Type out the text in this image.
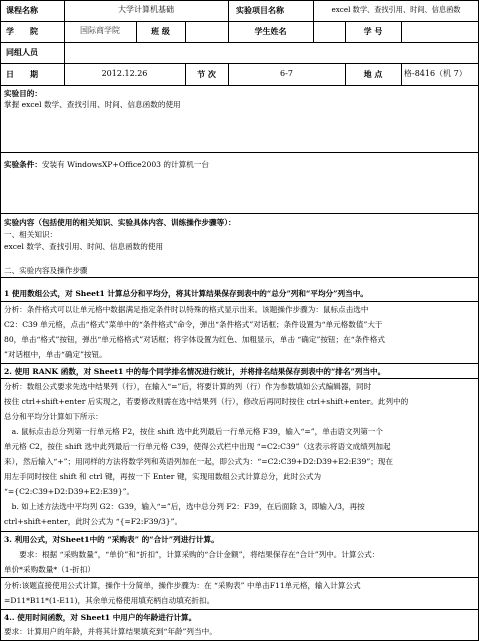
课程名称	大学计算机基础	实验项目名称	excel 数学、查找引用、时间、信息函数
学　　院	国际商学院	班 级	学生姓名	学 号
同组人员
日　　期	2012.12.26	节 次	6-7	地 点	格-8416（机 7）
实验目的：
掌握 excel 数学、查找引用、时间、信息函数的使用
实验条件：安装有 WindowsXP+Office2003 的计算机一台
实验内容（包括使用的相关知识、实验具体内容、训练操作步骤等）：
一、相关知识：
excel 数学、查找引用、时间、信息函数的使用
二、实验内容及操作步骤
1 使用数组公式，对 Sheet1 计算总分和平均分，将其计算结果保存到表中的“总分”列和“平均分”列当中。
分析：条件格式可以让单元格中数据满足指定条件时以特殊的格式显示出来。该题操作步骤为：鼠标点击选中
C2：C39 单元格，点击“格式”菜单中的“条件格式”命令，弹出“条件格式”对话框；条件设置为“单元格数值”大于
80，单击“格式”按钮，弹出“单元格格式”对话框；将字体设置为红色、加粗显示，单击 “确定”按钮；在“条件格式
”对话框中，单击“确定”按钮。
2. 使用 RANK 函数，对 Sheet1 中的每个同学排名情况进行统计，并将排名结果保存到表中的“排名”列当中。
分析：数组公式要求先选中结果列（行），在输入“=”后，将要计算的列（行）作为参数填如公式编辑器，同时
按住 ctrl+shift+enter 后实现之，若要修改则需在选中结果列（行），修改后再同时按住 ctrl+shift+enter。此列中的
总分和平均分计算如下所示：
　a. 鼠标点击总分列第一行单元格 F2，按住 shift 选中此列最后一行单元格 F39，输入“=”，单击语文列第一个
单元格 C2，按住 shift 选中此列最后一行单元格 C39，使得公式栏中出现 “=C2:C39”（这表示将语文成绩列加起
来），然后输入“+”；用同样的方法将数学列和英语列加在一起，即公式为：“=C2:C39+D2:D39+E2:E39”；现在
用左手同时按住 shift 和 ctrl 键，再按一下 Enter 键，实现用数组公式计算总分，此时公式为
“={C2:C39+D2:D39+E2:E39}”。
　b. 如上述方法选中平均列 G2：G39，输入“=”后，选中总分列 F2：F39，在后面除 3，即输入/3，再按
ctrl+shift+enter，此时公式为 “{=F2:F39/3}”。
3. 利用公式，对Sheet1中的 “采购表” 的“合计”列进行计算。
　　要求：根据 “采购数量”，“单价”和“折扣”，计算采购的“合计金额”，将结果保存在“合计”列中。计算公式：
单价*采购数量*（1-折扣）
分析:该题直接使用公式计算，操作十分简单，操作步骤为：在 “采购表” 中单击F11单元格，输入计算公式
=D11*B11*(1-E11)，其余单元格使用填充柄自动填充折扣。
4.. 使用时间函数，对 Sheet1 中用户的年龄进行计算。
要求：计算用户的年龄，并将其计算结果填充到“年龄”列当中。
